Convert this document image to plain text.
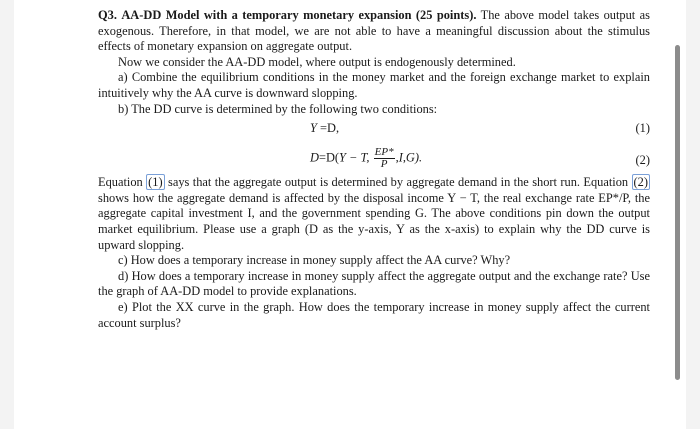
Q3. AA-DD Model with a temporary monetary expansion (25 points). The above model takes output as exogenous. Therefore, in that model, we are not able to have a meaningful discussion about the stimulus effects of monetary expansion on aggregate output.

Now we consider the AA-DD model, where output is endogenously determined.

a) Combine the equilibrium conditions in the money market and the foreign exchange market to explain intuitively why the AA curve is downward slopping.

b) The DD curve is determined by the following two conditions:

Y =D,	(1)
D=D(Y − T, $\frac{EP*}{P} ,I,G$).	(2)

Equation (1) says that the aggregate output is determined by aggregate demand in the short run. Equation (2) shows how the aggregate demand is affected by the disposal income Y − T, the real exchange rate EP*/P, the aggregate capital investment I, and the government spending G. The above conditions pin down the output market equilibrium. Please use a graph (D as the y-axis, Y as the x-axis) to explain why the DD curve is upward slopping.

c) How does a temporary increase in money supply affect the AA curve? Why?

d) How does a temporary increase in money supply affect the aggregate output and the exchange rate? Use the graph of AA-DD model to provide explanations.

e) Plot the XX curve in the graph. How does the temporary increase in money supply affect the current account surplus?
